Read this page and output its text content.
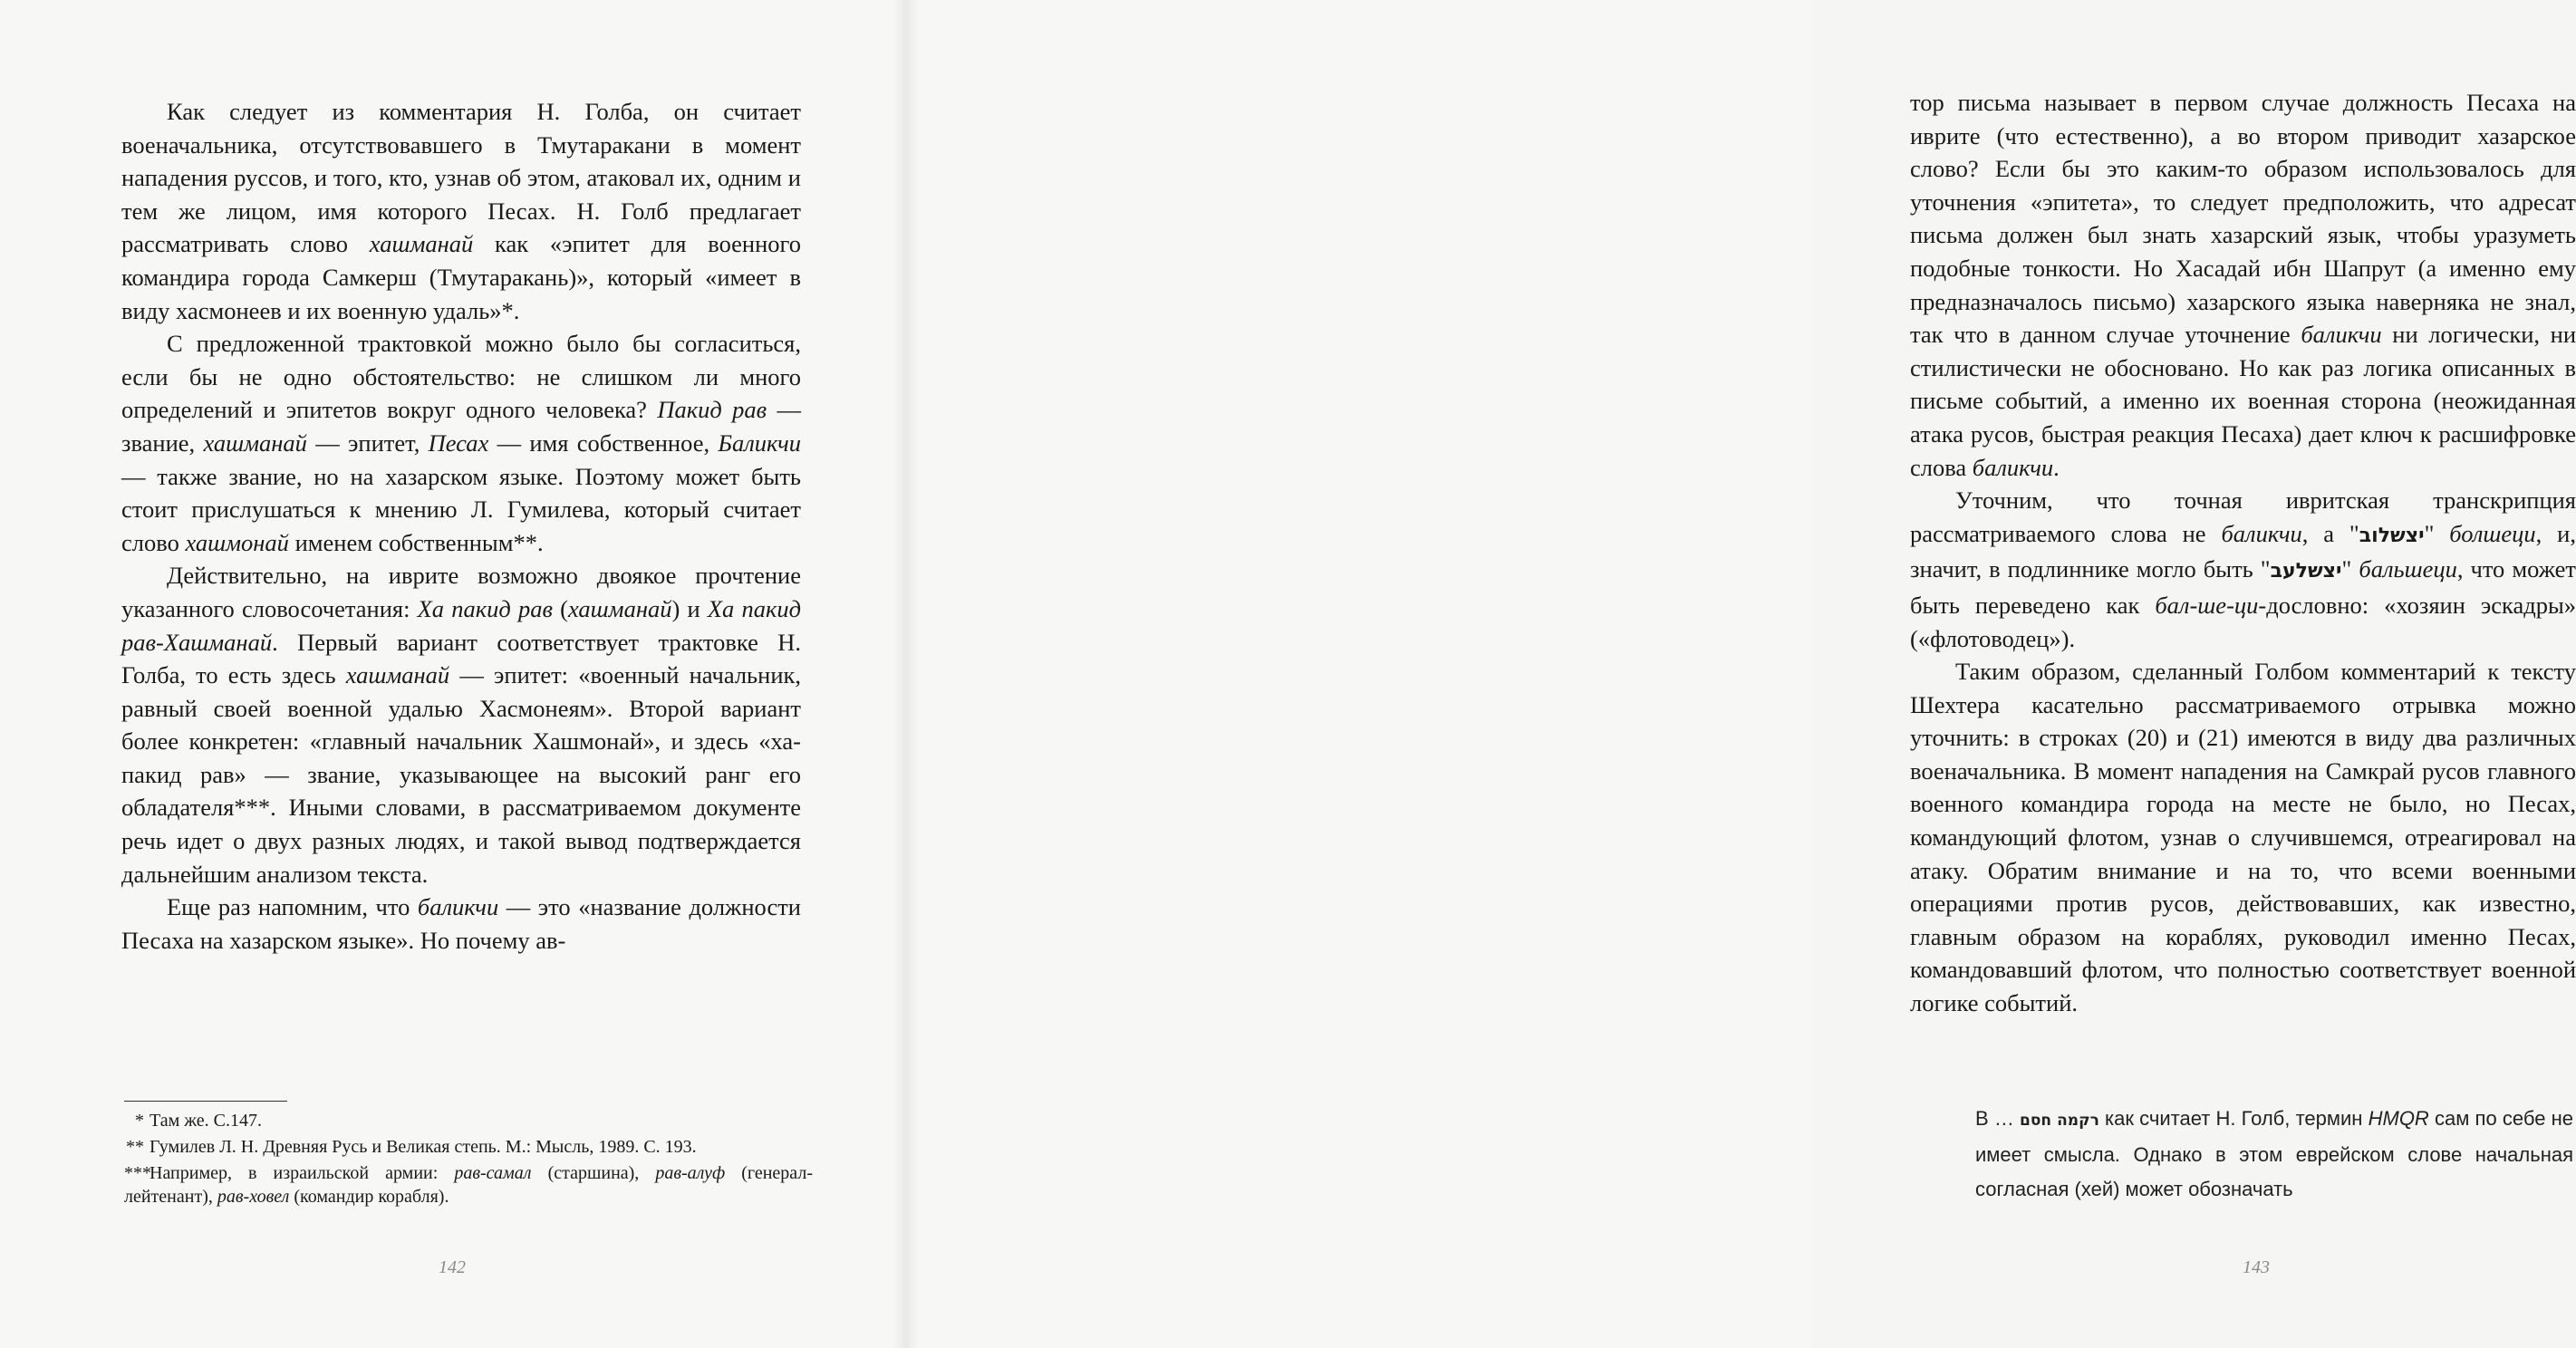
Как следует из комментария Н. Голба, он считает военачальника, отсутствовавшего в Тмутаракани в момент нападения руссов, и того, кто, узнав об этом, атаковал их, одним и тем же лицом, имя которого Песах. Н. Голб предлагает рассматривать слово хашманай как «эпитет для военного командира города Самкерш (Тмутаракань)», который «имеет в виду хасмонеев и их военную удаль»*.

С предложенной трактовкой можно было бы согласиться, если бы не одно обстоятельство: не слишком ли много определений и эпитетов вокруг одного человека? Пакид рав — звание, хашманай — эпитет, Песах — имя собственное, Баликчи — также звание, но на хазарском языке. Поэтому может быть стоит прислушаться к мнению Л. Гумилева, который считает слово хашмонай именем собственным**.

Действительно, на иврите возможно двоякое прочтение указанного словосочетания: Ха пакид рав (хашманай) и Ха пакид рав-Хашманай. Первый вариант соответствует трактовке Н. Голба, то есть здесь хашманай — эпитет: «военный начальник, равный своей военной удалью Хасмонеям». Второй вариант более конкретен: «главный начальник Хашмонай», и здесь «ха-пакид рав» — звание, указывающее на высокий ранг его обладателя***. Иными словами, в рассматриваемом документе речь идет о двух разных людях, и такой вывод подтверждается дальнейшим анализом текста.

Еще раз напомним, что баликчи — это «название должности Песаха на хазарском языке». Но почему ав-

* Там же. С.147.
** Гумилев Л. Н. Древняя Русь и Великая степь. М.: Мысль, 1989. С. 193.
***Например, в израильской армии: рав-самал (старшина), рав-алуф (генерал-лейтенант), рав-ховел (командир корабля).
142

тор письма называет в первом случае должность Песаха на иврите (что естественно), а во втором приводит хазарское слово? Если бы это каким-то образом использовалось для уточнения «эпитета», то следует предположить, что адресат письма должен был знать хазарский язык, чтобы уразуметь подобные тонкости. Но Хасадай ибн Шапрут (а именно ему предназначалось письмо) хазарского языка наверняка не знал, так что в данном случае уточнение баликчи ни логически, ни стилистически не обосновано. Но как раз логика описанных в письме событий, а именно их военная сторона (неожиданная атака русов, быстрая реакция Песаха) дает ключ к расшифровке слова баликчи.

Уточним, что точная ивритская транскрипция рассматриваемого слова не баликчи, а "יצשלוב" болшеци, и, значит, в подлиннике могло быть "יצשלעב" бальшеци, что может быть переведено как бал-ше-ци-дословно: «хозяин эскадры» («флотоводец»).

Таким образом, сделанный Голбом комментарий к тексту Шехтера касательно рассматриваемого отрывка можно уточнить: в строках (20) и (21) имеются в виду два различных военачальника. В момент нападения на Самкрай русов главного военного командира города на месте не было, но Песах, командующий флотом, узнав о случившемся, отреагировал на атаку. Обратим внимание и на то, что всеми военными операциями против русов, действовавших, как известно, главным образом на кораблях, руководил именно Песах, командовавший флотом, что полностью соответствует военной логике событий.

В … רקמה חסם как считает Н. Голб, термин HMQR сам по себе не имеет смысла. Однако в этом еврейском слове начальная согласная (хей) может обозначать
143
